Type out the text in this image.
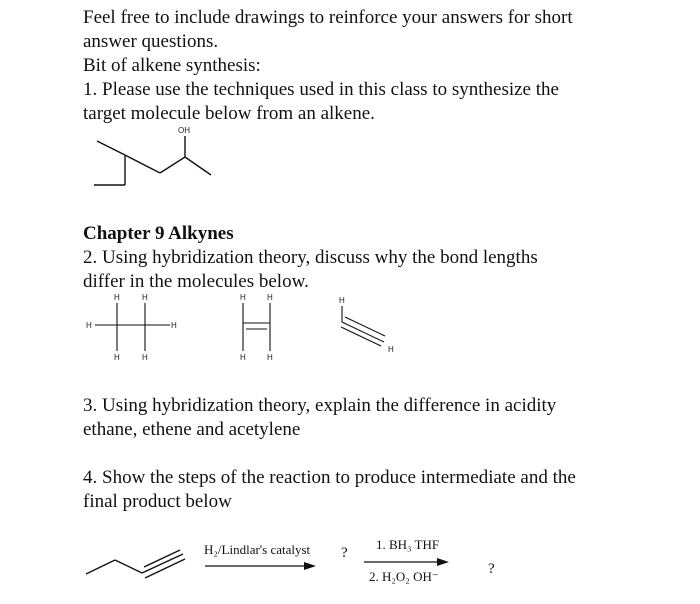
Feel free to include drawings to reinforce your answers for short
answer questions.
Bit of alkene synthesis:
1. Please use the techniques used in this class to synthesize the
target molecule below from an alkene.
Chapter 9 Alkynes
2. Using hybridization theory, discuss why the bond lengths
differ in the molecules below.
3. Using hybridization theory, explain the difference in acidity
ethane, ethene and acetylene
4. Show the steps of the reaction to produce intermediate and the
final product below
OH
H	H
H	H
H	H
H	H
H	H
H
H
H₂/Lindlar's catalyst ?
1. BH₃ THF
2. H₂O₂ OH⁻	?
